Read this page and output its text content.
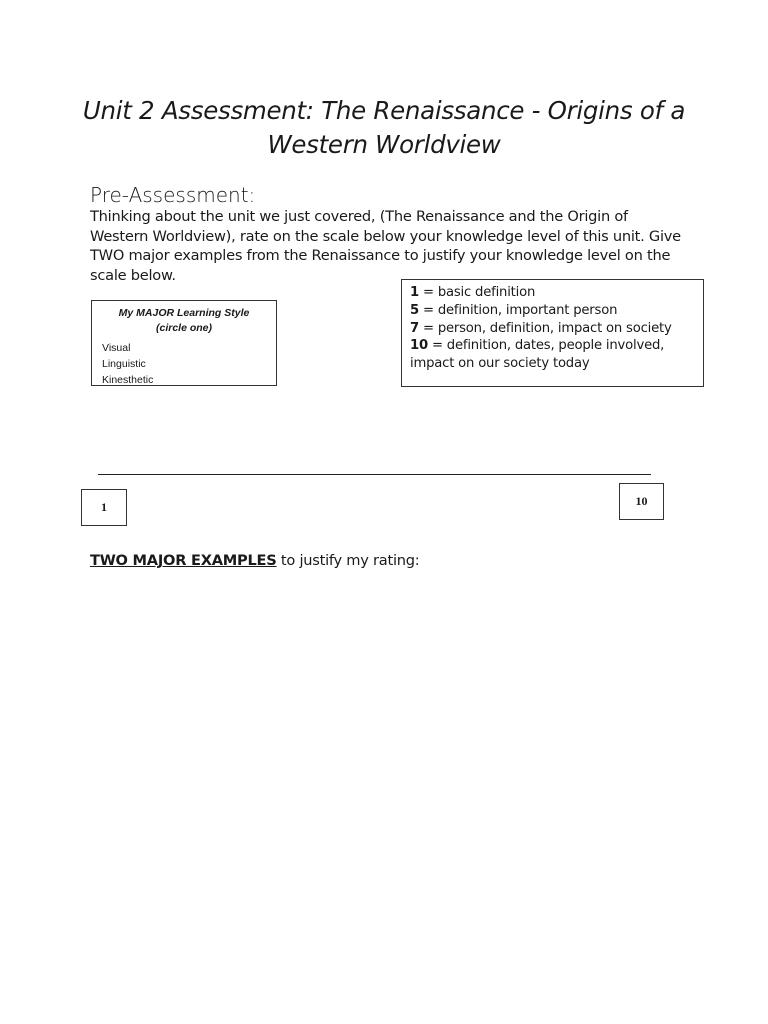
Unit 2 Assessment: The Renaissance - Origins of a
Western Worldview
Pre-Assessment:
Thinking about the unit we just covered, (The Renaissance and the Origin of Western Worldview), rate on the scale below your knowledge level of this unit. Give TWO major examples from the Renaissance to justify your knowledge level on the scale below.
My MAJOR Learning Style
(circle one)
Visual
Linguistic
Kinesthetic
1 = basic definition
5 = definition, important person
7 = person, definition, impact on society
10 = definition, dates, people involved, impact on our society today
1	10
TWO MAJOR EXAMPLES to justify my rating:
